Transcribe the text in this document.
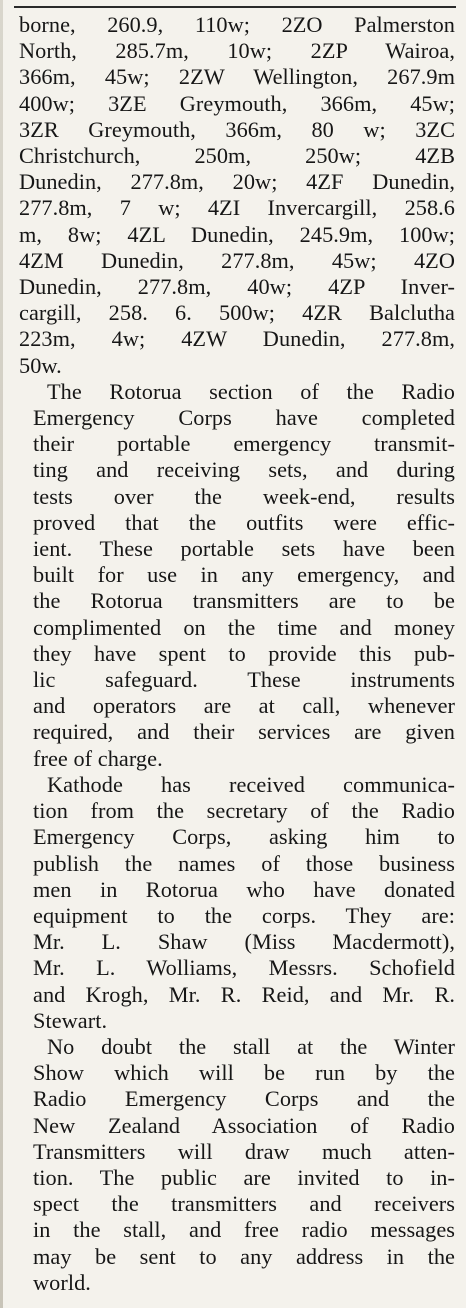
borne, 260.9, 110w; 2ZO Palmerston
North, 285.7m, 10w; 2ZP Wairoa,
366m, 45w; 2ZW Wellington, 267.9m
400w; 3ZE Greymouth, 366m, 45w;
3ZR Greymouth, 366m, 80 w; 3ZC
Christchurch, 250m, 250w; 4ZB
Dunedin, 277.8m, 20w; 4ZF Dunedin,
277.8m, 7 w; 4ZI Invercargill, 258.6
m, 8w; 4ZL Dunedin, 245.9m, 100w;
4ZM Dunedin, 277.8m, 45w; 4ZO
Dunedin, 277.8m, 40w; 4ZP Inver-
cargill, 258. 6. 500w; 4ZR Balclutha
223m, 4w; 4ZW Dunedin, 277.8m,
50w.

The Rotorua section of the Radio
Emergency Corps have completed
their portable emergency transmit-
ting and receiving sets, and during
tests over the week-end, results
proved that the outfits were effic-
ient. These portable sets have been
built for use in any emergency, and
the Rotorua transmitters are to be
complimented on the time and money
they have spent to provide this pub-
lic safeguard. These instruments
and operators are at call, whenever
required, and their services are given
free of charge.

Kathode has received communica-
tion from the secretary of the Radio
Emergency Corps, asking him to
publish the names of those business
men in Rotorua who have donated
equipment to the corps. They are:
Mr. L. Shaw (Miss Macdermott),
Mr. L. Wolliams, Messrs. Schofield
and Krogh, Mr. R. Reid, and Mr. R.
Stewart.

No doubt the stall at the Winter
Show which will be run by the
Radio Emergency Corps and the
New Zealand Association of Radio
Transmitters will draw much atten-
tion. The public are invited to in-
spect the transmitters and receivers
in the stall, and free radio messages
may be sent to any address in the
world.
